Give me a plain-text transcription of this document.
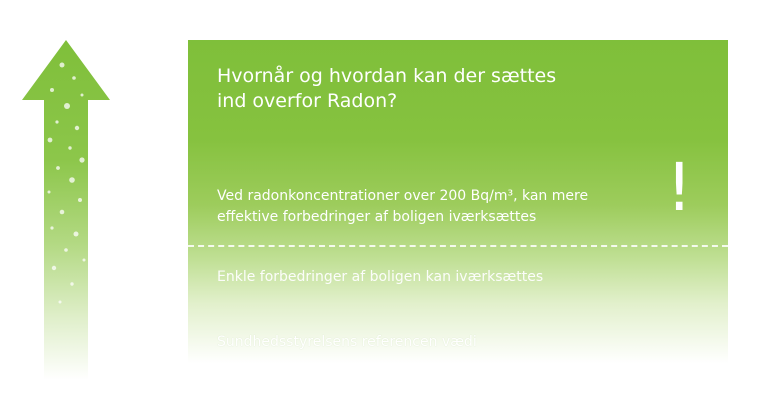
Hvornår og hvordan kan der sættes
ind overfor Radon?
Ved radonkoncentrationer over 200 Bq/m³, kan mere
effektive forbedringer af boligen iværksættes	!
Enkle forbedringer af boligen kan iværksættes
Sundhedsstyrelsens referencen vædi
